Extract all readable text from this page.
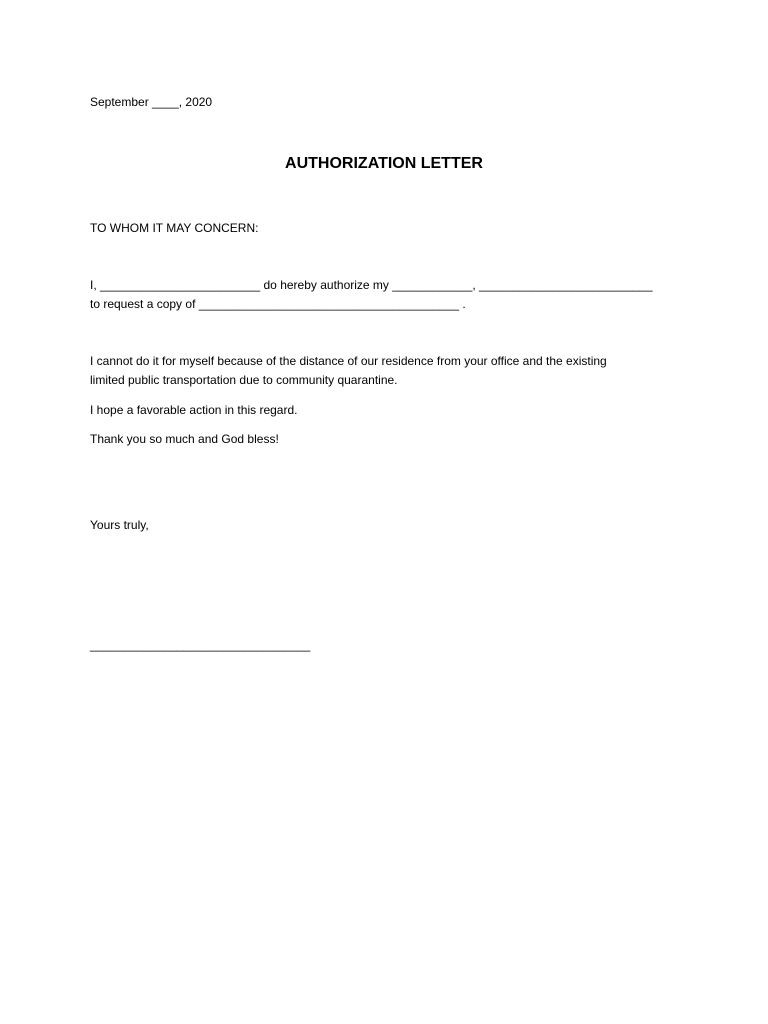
September ____, 2020
AUTHORIZATION LETTER
TO WHOM IT MAY CONCERN:
I, ________________________ do hereby authorize my ____________, __________________________
to request a copy of _______________________________________ .
I cannot do it for myself because of the distance of our residence from your office and the existing
limited public transportation due to community quarantine.
I hope a favorable action in this regard.
Thank you so much and God bless!
Yours truly,
_________________________________
